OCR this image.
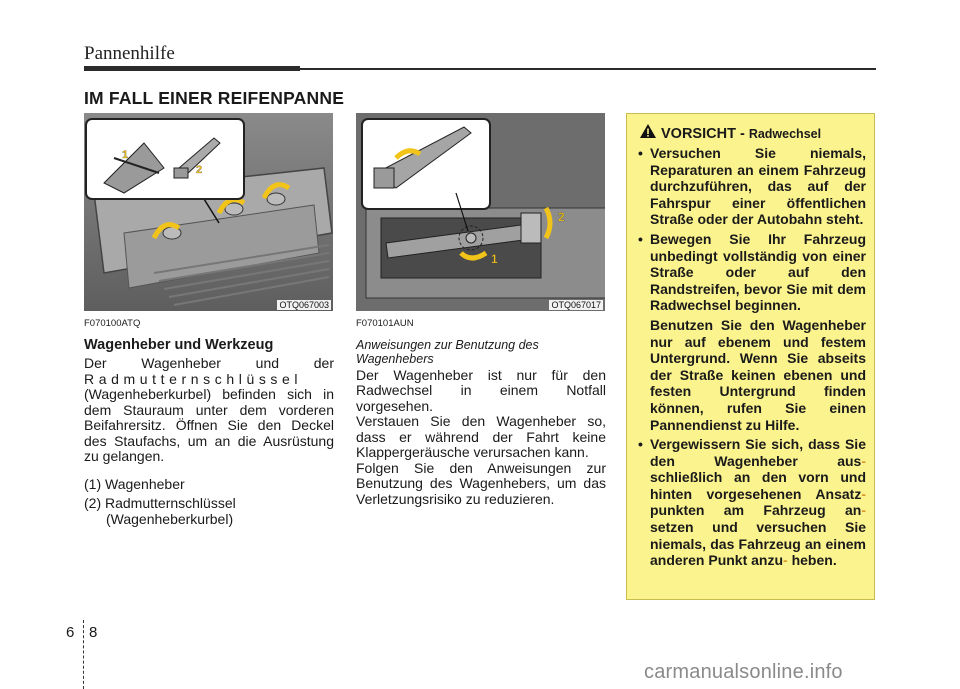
Pannenhilfe
IM FALL EINER REIFENPANNE
1
2
OTQ067003
2
1
OTQ067017
F070100ATQ
Wagenheber und Werkzeug

Der Wagenheber und der

Radmutternschlüssel

(Wagenheberkurbel) befinden sich in dem Stauraum unter dem vorderen Beifahrersitz. Öffnen Sie den Deckel des Staufachs, um an die Ausrüstung zu gelangen.

(1) Wagenheber

(2) Radmutternschlüssel

(Wagenheberkurbel)

F070101AUN
Anweisungen zur Benutzung des Wagenhebers

Der Wagenheber ist nur für den Radwechsel in einem Notfall vorgesehen.

Verstauen Sie den Wagenheber so, dass er während der Fahrt keine Klappergeräusche verursachen kann.

Folgen Sie den Anweisungen zur Benutzung des Wagenhebers, um das Verletzungsrisiko zu reduzieren.

VORSICHT - Radwechsel
• Versuchen Sie niemals, Reparaturen an einem Fahrzeug durchzuführen, das auf der Fahrspur einer öffentlichen Straße oder der Autobahn steht.
• Bewegen Sie Ihr Fahrzeug unbedingt vollständig von einer Straße oder auf den Randstreifen, bevor Sie mit dem Radwechsel beginnen.
Benutzen Sie den Wagenheber nur auf ebenem und festem Untergrund. Wenn Sie abseits der Straße keinen ebenen und festen Untergrund finden können, rufen Sie einen Pannendienst zu Hilfe.
• Vergewissern Sie sich, dass Sie den Wagenheber aus- schließlich an den vorn und hinten vorgesehenen Ansatz- punkten am Fahrzeug an- setzen und versuchen Sie niemals, das Fahrzeug an einem anderen Punkt anzu- heben.
6 8
carmanualsonline.info
